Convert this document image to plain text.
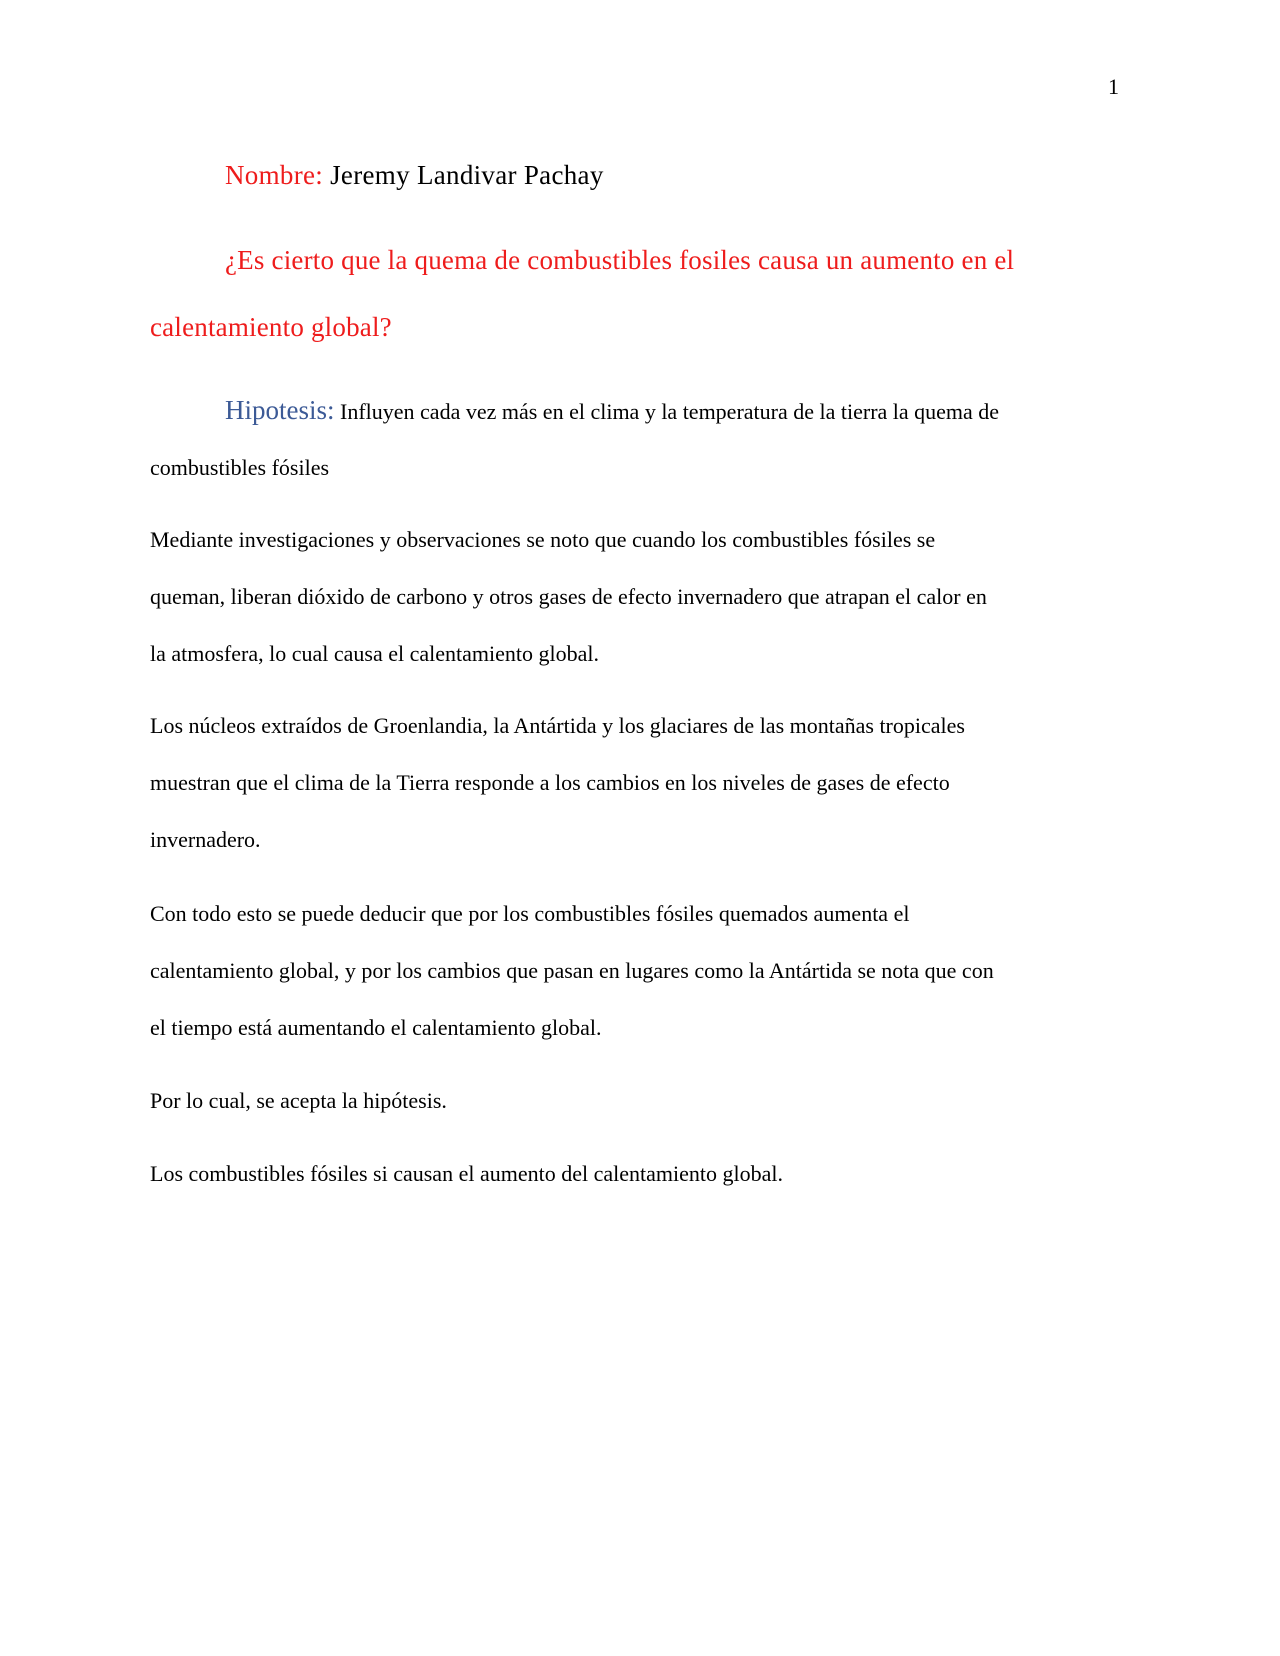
1
Nombre: Jeremy Landivar Pachay
¿Es cierto que la quema de combustibles fosiles causa un aumento en el
calentamiento global?
Hipotesis: Influyen cada vez más en el clima y la temperatura de la tierra la quema de
combustibles fósiles
Mediante investigaciones y observaciones se noto que cuando los combustibles fósiles se
queman, liberan dióxido de carbono y otros gases de efecto invernadero que atrapan el calor en
la atmosfera, lo cual causa el calentamiento global.
Los núcleos extraídos de Groenlandia, la Antártida y los glaciares de las montañas tropicales
muestran que el clima de la Tierra responde a los cambios en los niveles de gases de efecto
invernadero.
Con todo esto se puede deducir que por los combustibles fósiles quemados aumenta el
calentamiento global, y por los cambios que pasan en lugares como la Antártida se nota que con
el tiempo está aumentando el calentamiento global.
Por lo cual, se acepta la hipótesis.
Los combustibles fósiles si causan el aumento del calentamiento global.
